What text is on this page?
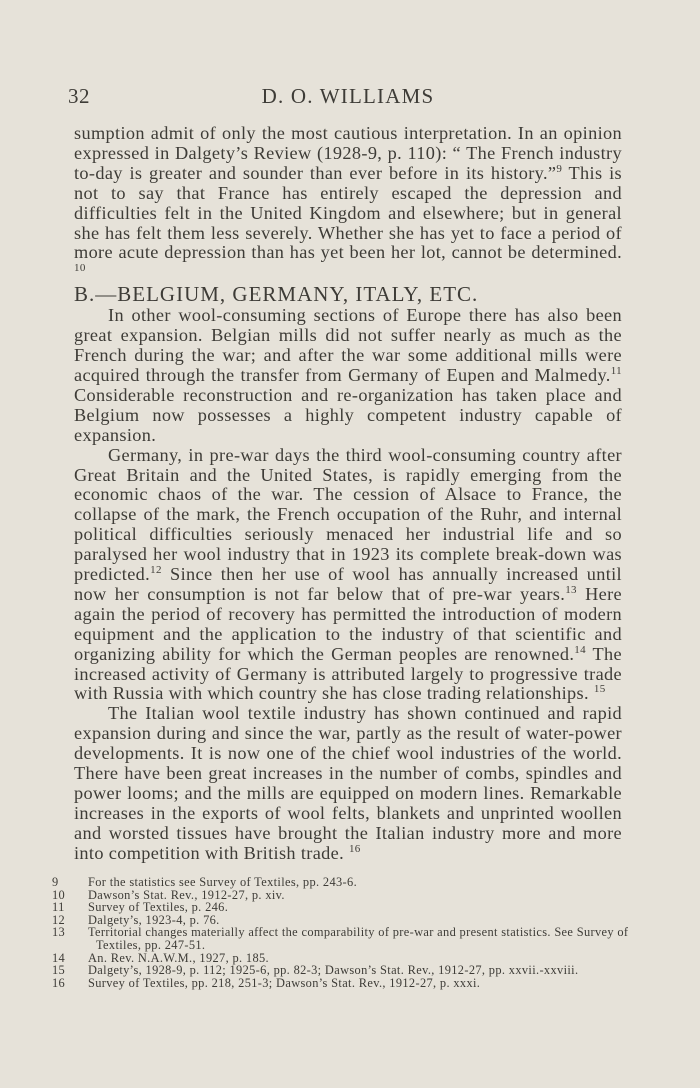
32	D. O. WILLIAMS

sumption admit of only the most cautious interpretation. In an opinion expressed in Dalgety’s Review (1928-9, p. 110): “ The French industry to-day is greater and sounder than ever before in its history.”$^9$ This is not to say that France has entirely escaped the depression and difficulties felt in the United Kingdom and elsewhere; but in general she has felt them less severely. Whether she has yet to face a period of more acute depression than has yet been her lot, cannot be determined. $^{10}$

B.—BELGIUM, GERMANY, ITALY, ETC.

In other wool-consuming sections of Europe there has also been great expansion. Belgian mills did not suffer nearly as much as the French during the war; and after the war some additional mills were acquired through the transfer from Germany of Eupen and Malmedy.$^{11}$ Considerable reconstruction and re-organization has taken place and Belgium now possesses a highly competent industry capable of expansion.

Germany, in pre-war days the third wool-consuming country after Great Britain and the United States, is rapidly emerging from the economic chaos of the war. The cession of Alsace to France, the collapse of the mark, the French occupation of the Ruhr, and internal political difficulties seriously menaced her industrial life and so paralysed her wool industry that in 1923 its complete break-down was predicted.$^{12}$ Since then her use of wool has annually increased until now her consumption is not far below that of pre-war years.$^{13}$ Here again the period of recovery has permitted the introduction of modern equipment and the application to the industry of that scientific and organizing ability for which the German peoples are renowned.$^{14}$ The increased activity of Germany is attributed largely to progressive trade with Russia with which country she has close trading relationships. $^{15}$

The Italian wool textile industry has shown continued and rapid expansion during and since the war, partly as the result of water-power developments. It is now one of the chief wool industries of the world. There have been great increases in the number of combs, spindles and power looms; and the mills are equipped on modern lines. Remarkable increases in the exports of wool felts, blankets and unprinted woollen and worsted tissues have brought the Italian industry more and more into competition with British trade. $^{16}$

9 For the statistics see Survey of Textiles, pp. 243-6.

10 Dawson’s Stat. Rev., 1912-27, p. xiv.

11 Survey of Textiles, p. 246.

12 Dalgety’s, 1923-4, p. 76.

13 Territorial changes materially affect the comparability of pre-war and present statistics. See Survey of Textiles, pp. 247-51.

14 An. Rev. N.A.W.M., 1927, p. 185.

15 Dalgety’s, 1928-9, p. 112; 1925-6, pp. 82-3; Dawson’s Stat. Rev., 1912-27, pp. xxvii.-xxviii.

16 Survey of Textiles, pp. 218, 251-3; Dawson’s Stat. Rev., 1912-27, p. xxxi.
